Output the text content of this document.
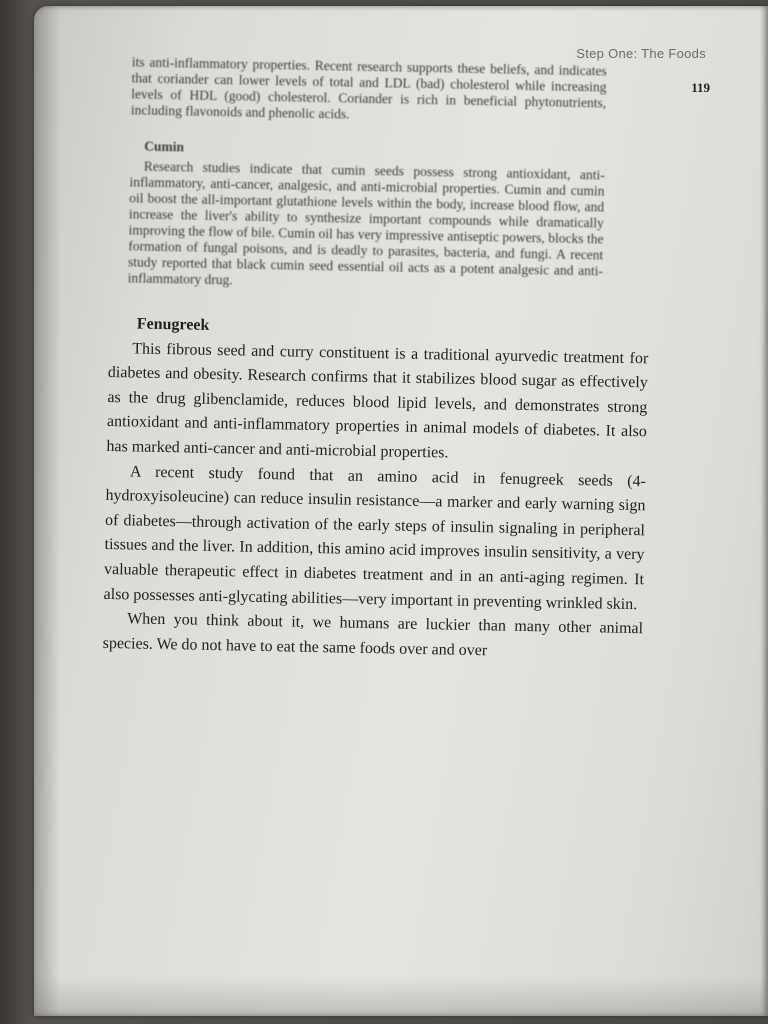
Step One: The Foods
119

its anti-inflammatory properties. Recent research supports these beliefs, and indicates that coriander can lower levels of total and LDL (bad) cholesterol while increasing levels of HDL (good) cholesterol. Coriander is rich in beneficial phytonutrients, including flavonoids and phenolic acids.

Cumin

Research studies indicate that cumin seeds possess strong antioxidant, anti-inflammatory, anti-cancer, analgesic, and anti-microbial properties. Cumin and cumin oil boost the all-important glutathione levels within the body, increase blood flow, and increase the liver's ability to synthesize important compounds while dramatically improving the flow of bile. Cumin oil has very impressive antiseptic powers, blocks the formation of fungal poisons, and is deadly to parasites, bacteria, and fungi. A recent study reported that black cumin seed essential oil acts as a potent analgesic and anti-inflammatory drug.

Fenugreek

This fibrous seed and curry constituent is a traditional ayurvedic treatment for diabetes and obesity. Research confirms that it stabilizes blood sugar as effectively as the drug glibenclamide, reduces blood lipid levels, and demonstrates strong antioxidant and anti-inflammatory properties in animal models of diabetes. It also has marked anti-cancer and anti-microbial properties.

A recent study found that an amino acid in fenugreek seeds (4-hydroxyisoleucine) can reduce insulin resistance—a marker and early warning sign of diabetes—through activation of the early steps of insulin signaling in peripheral tissues and the liver. In addition, this amino acid improves insulin sensitivity, a very valuable therapeutic effect in diabetes treatment and in an anti-aging regimen. It also possesses anti-glycating abilities—very important in preventing wrinkled skin.

When you think about it, we humans are luckier than many other animal species. We do not have to eat the same foods over and over
